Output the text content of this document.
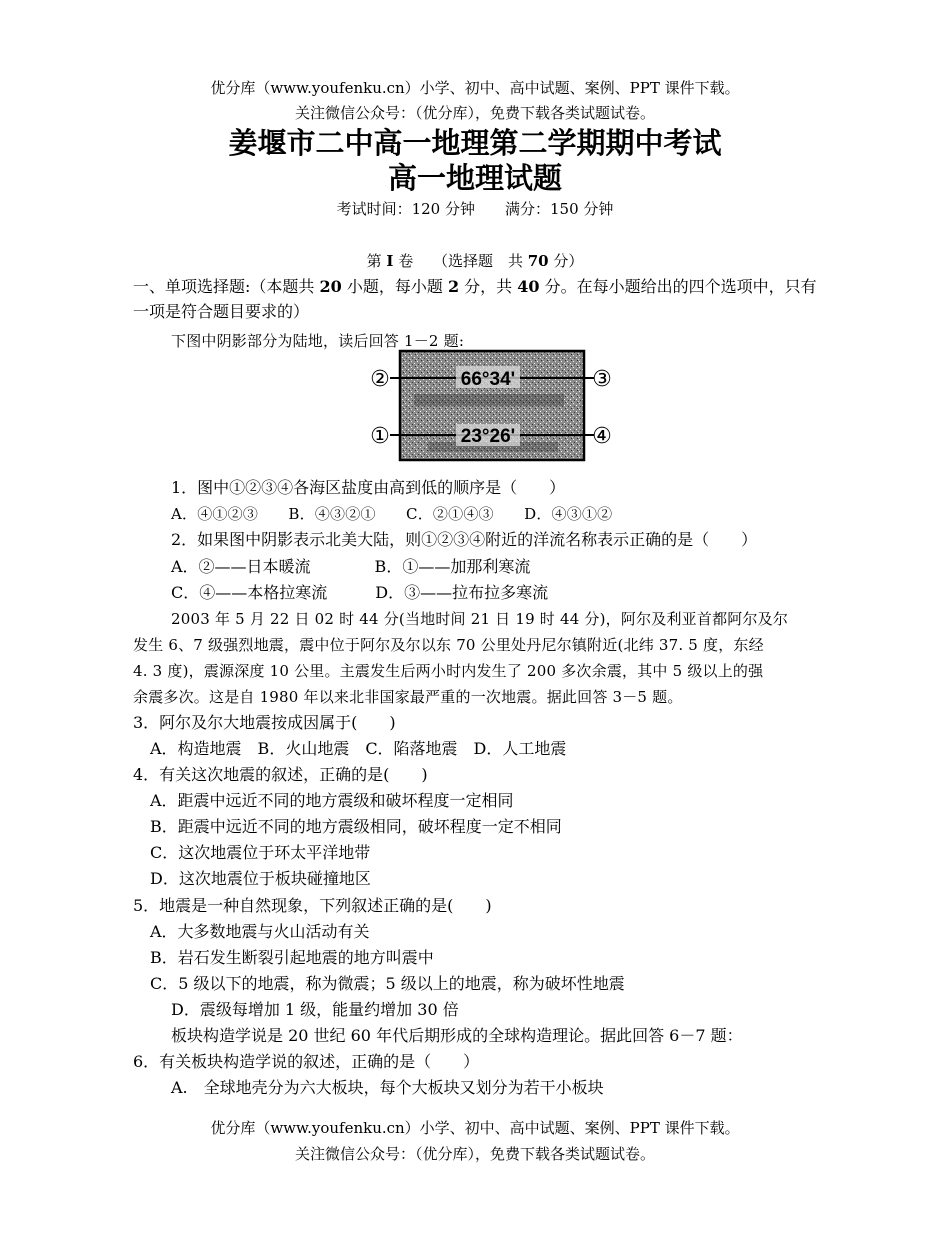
优分库（www.youfenku.cn）小学、初中、高中试题、案例、PPT 课件下载。
关注微信公众号：（优分库），免费下载各类试题试卷。
姜堰市二中高一地理第二学期期中考试
高一地理试题
考试时间：120 分钟　　满分：150 分钟
第 I 卷　 （选择题　共 70 分）
一、单项选择题:（本题共 20 小题，每小题 2 分，共 40 分。在每小题给出的四个选项中，只有
一项是符合题目要求的）
下图中阴影部分为陆地，读后回答 1－2 题:
66°34'
23°26'
②	③
①	④
1．图中①②③④各海区盐度由高到低的顺序是（　　）
A．④①②③　　B．④③②①　　C．②①④③　　D．④③①②
2．如果图中阴影表示北美大陆，则①②③④附近的洋流名称表示正确的是（　　）
A．②——日本暖流　　　　B．①——加那利寒流
C．④——本格拉寒流　　　D．③——拉布拉多寒流
2003 年 5 月 22 日 02 时 44 分(当地时间 21 日 19 时 44 分)，阿尔及利亚首都阿尔及尔
发生 6、7 级强烈地震，震中位于阿尔及尔以东 70 公里处丹尼尔镇附近(北纬 37. 5 度，东经
4. 3 度)，震源深度 10 公里。主震发生后两小时内发生了 200 多次余震，其中 5 级以上的强
余震多次。这是自 1980 年以来北非国家最严重的一次地震。据此回答 3－5 题。
3．阿尔及尔大地震按成因属于(　　)
A．构造地震　B．火山地震　C．陷落地震　D．人工地震
4．有关这次地震的叙述，正确的是(　　)
A．距震中远近不同的地方震级和破坏程度一定相同
B．距震中远近不同的地方震级相同，破坏程度一定不相同
C．这次地震位于环太平洋地带
D．这次地震位于板块碰撞地区
5．地震是一种自然现象，下列叙述正确的是(　　)
A．大多数地震与火山活动有关
B．岩石发生断裂引起地震的地方叫震中
C．5 级以下的地震，称为微震；5 级以上的地震，称为破坏性地震
D．震级每增加 1 级，能量约增加 30 倍
板块构造学说是 20 世纪 60 年代后期形成的全球构造理论。据此回答 6－7 题：
6．有关板块构造学说的叙述，正确的是（　　）
A.　全球地壳分为六大板块，每个大板块又划分为若干小板块
优分库（www.youfenku.cn）小学、初中、高中试题、案例、PPT 课件下载。
关注微信公众号：（优分库），免费下载各类试题试卷。
